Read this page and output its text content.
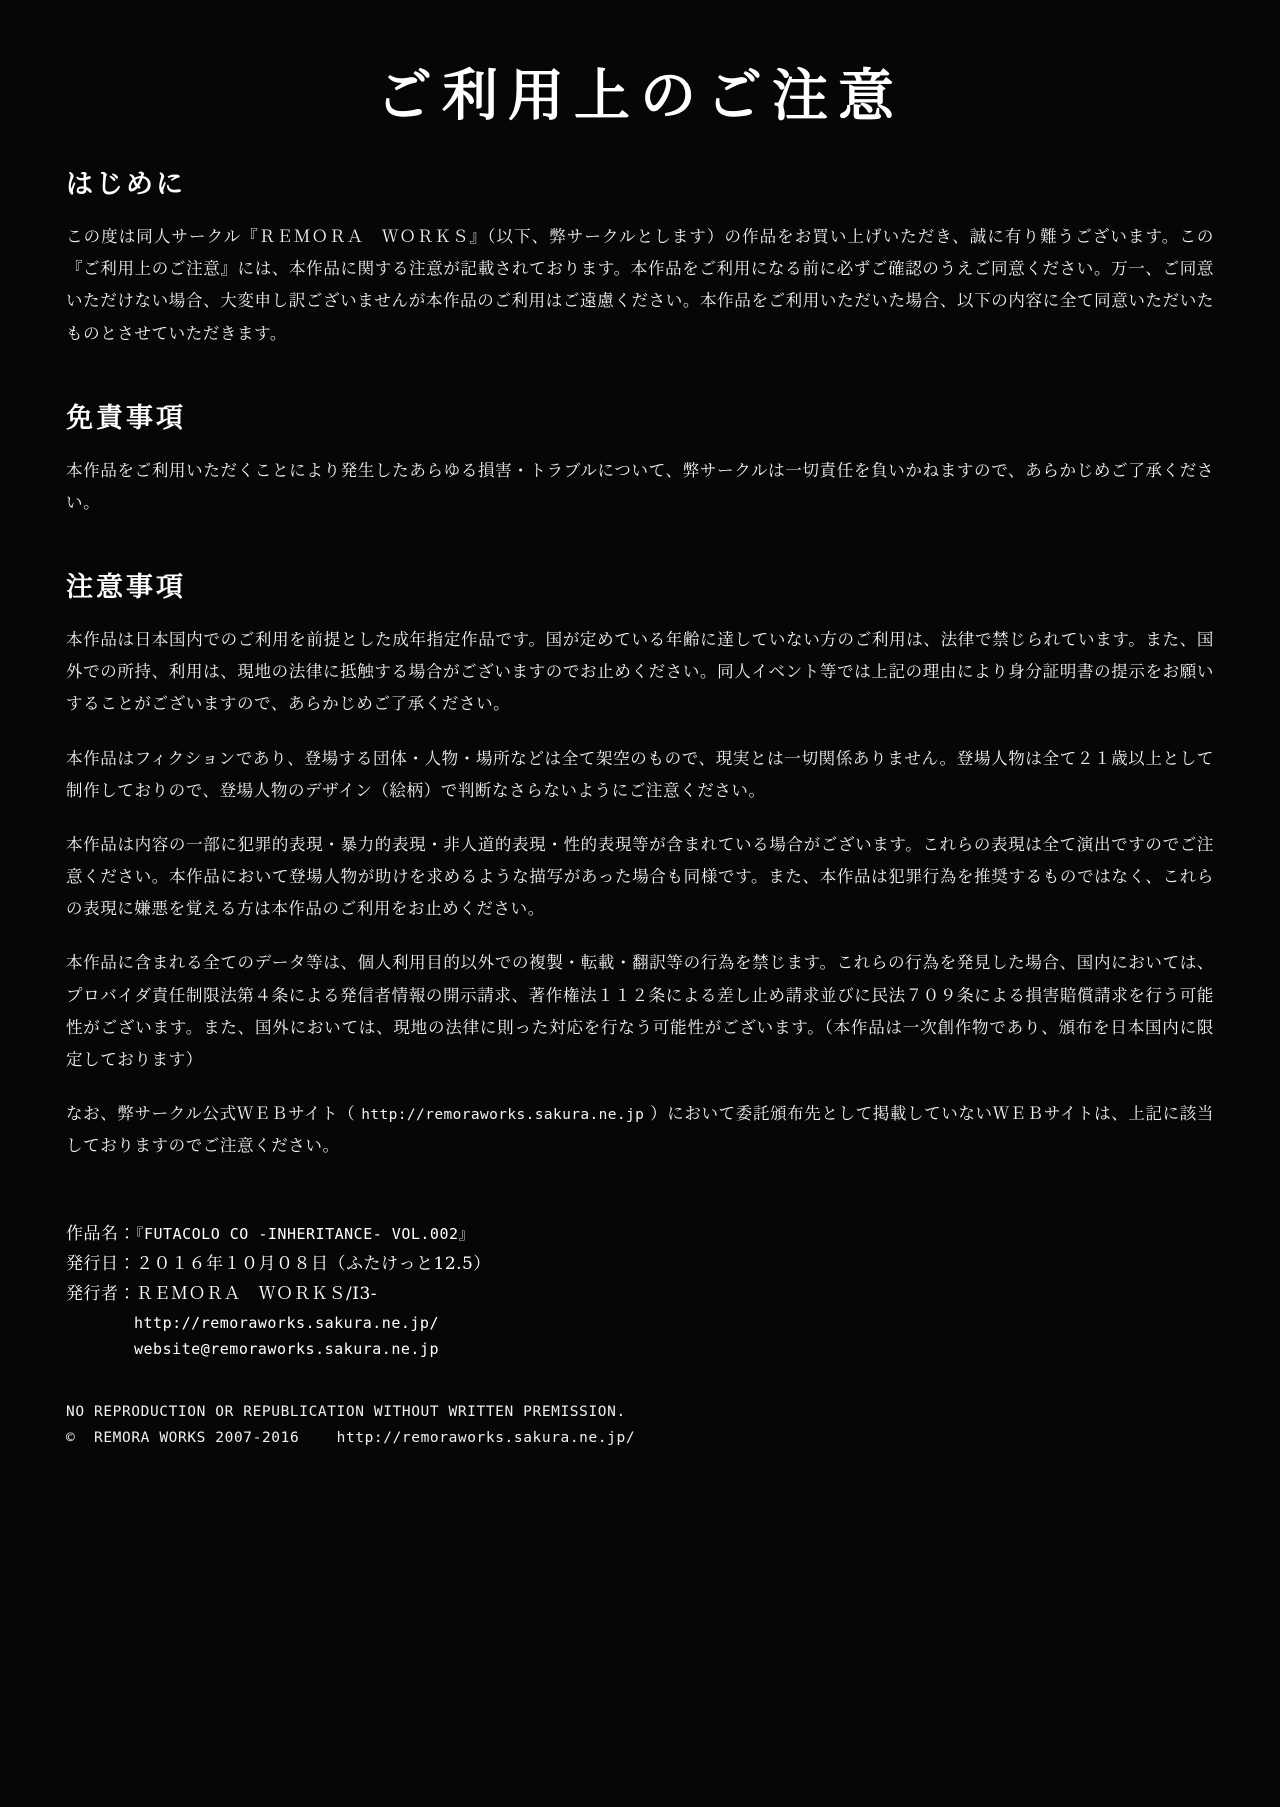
ご利用上のご注意
はじめに

この度は同人サークル『ＲＥＭＯＲＡ　ＷＯＲＫＳ』（以下、弊サークルとします）の作品をお買い上げいただき、誠に有り難うございます。この『ご利用上のご注意』には、本作品に関する注意が記載されております。本作品をご利用になる前に必ずご確認のうえご同意ください。万一、ご同意いただけない場合、大変申し訳ございませんが本作品のご利用はご遠慮ください。本作品をご利用いただいた場合、以下の内容に全て同意いただいたものとさせていただきます。

免責事項

本作品をご利用いただくことにより発生したあらゆる損害・トラブルについて、弊サークルは一切責任を負いかねますので、あらかじめご了承ください。

注意事項

本作品は日本国内でのご利用を前提とした成年指定作品です。国が定めている年齢に達していない方のご利用は、法律で禁じられています。また、国外での所持、利用は、現地の法律に抵触する場合がございますのでお止めください。同人イベント等では上記の理由により身分証明書の提示をお願いすることがございますので、あらかじめご了承ください。

本作品はフィクションであり、登場する団体・人物・場所などは全て架空のもので、現実とは一切関係ありません。登場人物は全て２１歳以上として制作しておりので、登場人物のデザイン（絵柄）で判断なさらないようにご注意ください。

本作品は内容の一部に犯罪的表現・暴力的表現・非人道的表現・性的表現等が含まれている場合がございます。これらの表現は全て演出ですのでご注意ください。本作品において登場人物が助けを求めるような描写があった場合も同様です。また、本作品は犯罪行為を推奨するものではなく、これらの表現に嫌悪を覚える方は本作品のご利用をお止めください。

本作品に含まれる全てのデータ等は、個人利用目的以外での複製・転載・翻訳等の行為を禁じます。これらの行為を発見した場合、国内においては、プロバイダ責任制限法第４条による発信者情報の開示請求、著作権法１１２条による差し止め請求並びに民法７０９条による損害賠償請求を行う可能性がございます。また、国外においては、現地の法律に則った対応を行なう可能性がございます。（本作品は一次創作物であり、頒布を日本国内に限定しております）

なお、弊サークル公式ＷＥＢサイト（ http://remoraworks.sakura.ne.jp ）において委託頒布先として掲載していないＷＥＢサイトは、上記に該当しておりますのでご注意ください。

作品名：『FUTACOLO CO -INHERITANCE- VOL.002』
発行日：２０１６年１０月０８日（ふたけっと12.5）
発行者：ＲＥＭＯＲＡ　ＷＯＲＫＳ/I3-
http://remoraworks.sakura.ne.jp/
website@remoraworks.sakura.ne.jp
NO REPRODUCTION OR REPUBLICATION WITHOUT WRITTEN PREMISSION.
© REMORA WORKS 2007-2016	http://remoraworks.sakura.ne.jp/
